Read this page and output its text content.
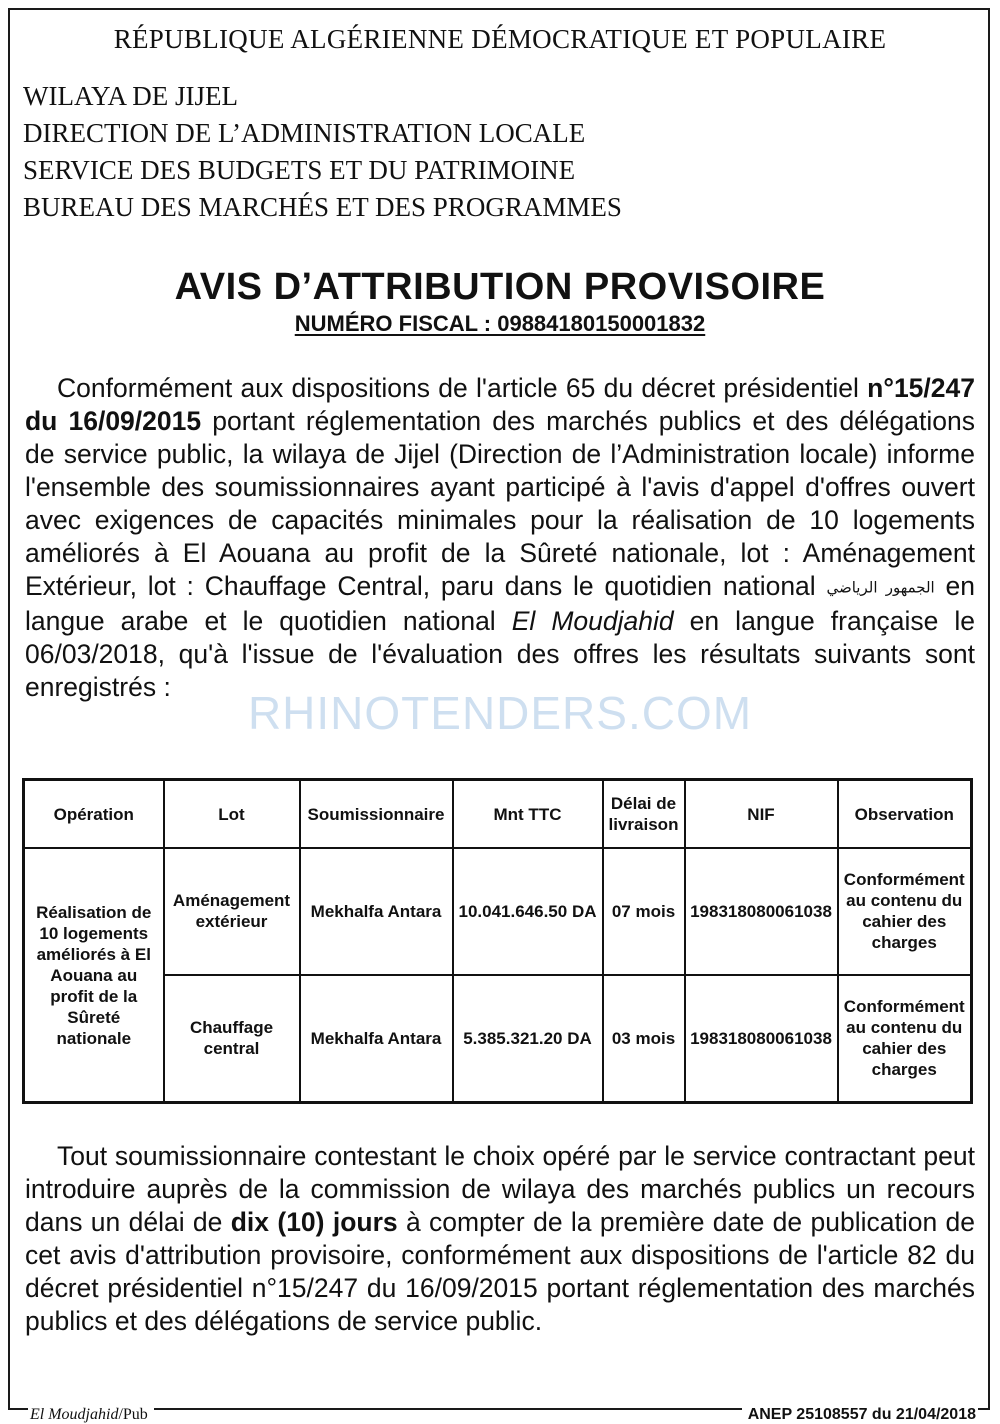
RÉPUBLIQUE ALGÉRIENNE DÉMOCRATIQUE ET POPULAIRE
WILAYA DE JIJEL
DIRECTION DE L’ADMINISTRATION LOCALE
SERVICE DES BUDGETS ET DU PATRIMOINE
BUREAU DES MARCHÉS ET DES PROGRAMMES
AVIS D’ATTRIBUTION PROVISOIRE
NUMÉRO FISCAL : 09884180150001832
Conformément aux dispositions de l'article 65 du décret présidentiel n°15/247 du 16/09/2015 portant réglementation des marchés publics et des délégations de service public, la wilaya de Jijel (Direction de l’Administration locale) informe l'ensemble des soumissionnaires ayant participé à l'avis d'appel d'offres ouvert avec exigences de capacités minimales pour la réalisation de 10 logements améliorés à El Aouana au profit de la Sûreté nationale, lot : Aménagement Extérieur, lot : Chauffage Central, paru dans le quotidien national الجمهور الرياضي en langue arabe et le quotidien national El Moudjahid en langue française le 06/03/2018, qu'à l'issue de l'évaluation des offres les résultats suivants sont enregistrés :
RHINOTENDERS.COM
Opération	Lot	Soumissionnaire	Mnt TTC	Délai de livraison	NIF	Observation
Réalisation de 10 logements améliorés à El Aouana au profit de la Sûreté nationale	Aménagement extérieur	Mekhalfa Antara	10.041.646.50 DA	07 mois	198318080061038	Conformément au contenu du cahier des charges
	Chauffage central	Mekhalfa Antara	5.385.321.20 DA	03 mois	198318080061038	Conformément au contenu du cahier des charges
Tout soumissionnaire contestant le choix opéré par le service contractant peut introduire auprès de la commission de wilaya des marchés publics un recours dans un délai de dix (10) jours à compter de la première date de publication de cet avis d'attribution provisoire, conformément aux dispositions de l'article 82 du décret présidentiel n°15/247 du 16/09/2015 portant réglementation des marchés publics et des délégations de service public.
El Moudjahid/Pub	ANEP 25108557 du 21/04/2018
